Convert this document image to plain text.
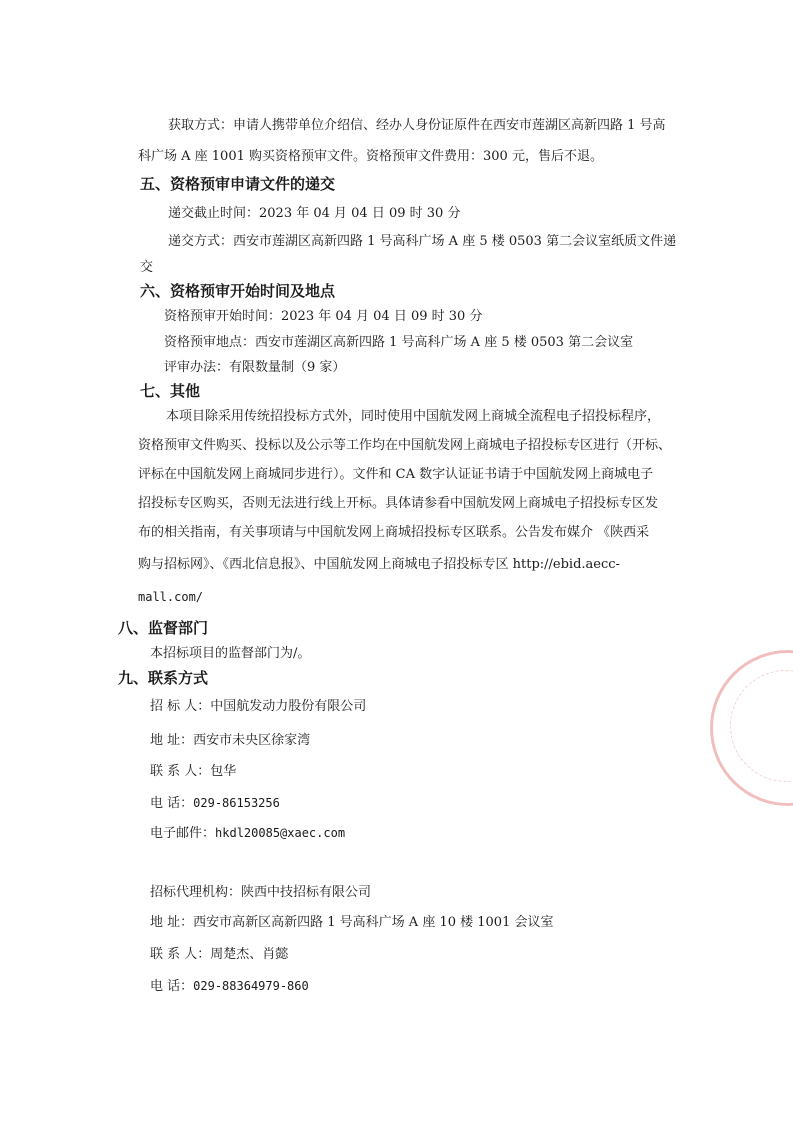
获取方式：申请人携带单位介绍信、经办人身份证原件在西安市莲湖区高新四路 1 号高
科广场 A 座 1001 购买资格预审文件。资格预审文件费用：300 元，售后不退。
五、资格预审申请文件的递交
递交截止时间：2023 年 04 月 04 日 09 时 30 分
递交方式：西安市莲湖区高新四路 1 号高科广场 A 座 5 楼 0503 第二会议室纸质文件递
交
六、资格预审开始时间及地点
资格预审开始时间：2023 年 04 月 04 日 09 时 30 分
资格预审地点：西安市莲湖区高新四路 1 号高科广场 A 座 5 楼 0503 第二会议室
评审办法：有限数量制（9 家）
七、其他
本项目除采用传统招投标方式外，同时使用中国航发网上商城全流程电子招投标程序，
资格预审文件购买、投标以及公示等工作均在中国航发网上商城电子招投标专区进行（开标、
评标在中国航发网上商城同步进行）。文件和 CA 数字认证证书请于中国航发网上商城电子
招投标专区购买，否则无法进行线上开标。具体请参看中国航发网上商城电子招投标专区发
布的相关指南，有关事项请与中国航发网上商城招投标专区联系。公告发布媒介 《陕西采
购与招标网》、《西北信息报》、中国航发网上商城电子招投标专区 http://ebid.aecc-
mall.com/
八、监督部门
本招标项目的监督部门为/。
九、联系方式
招 标 人：中国航发动力股份有限公司
地 址：西安市未央区徐家湾
联 系 人：包华
电 话：029-86153256
电子邮件：hkdl20085@xaec.com
招标代理机构：陕西中技招标有限公司
地 址：西安市高新区高新四路 1 号高科广场 A 座 10 楼 1001 会议室
联 系 人：周楚杰、肖懿
电 话：029-88364979-860
